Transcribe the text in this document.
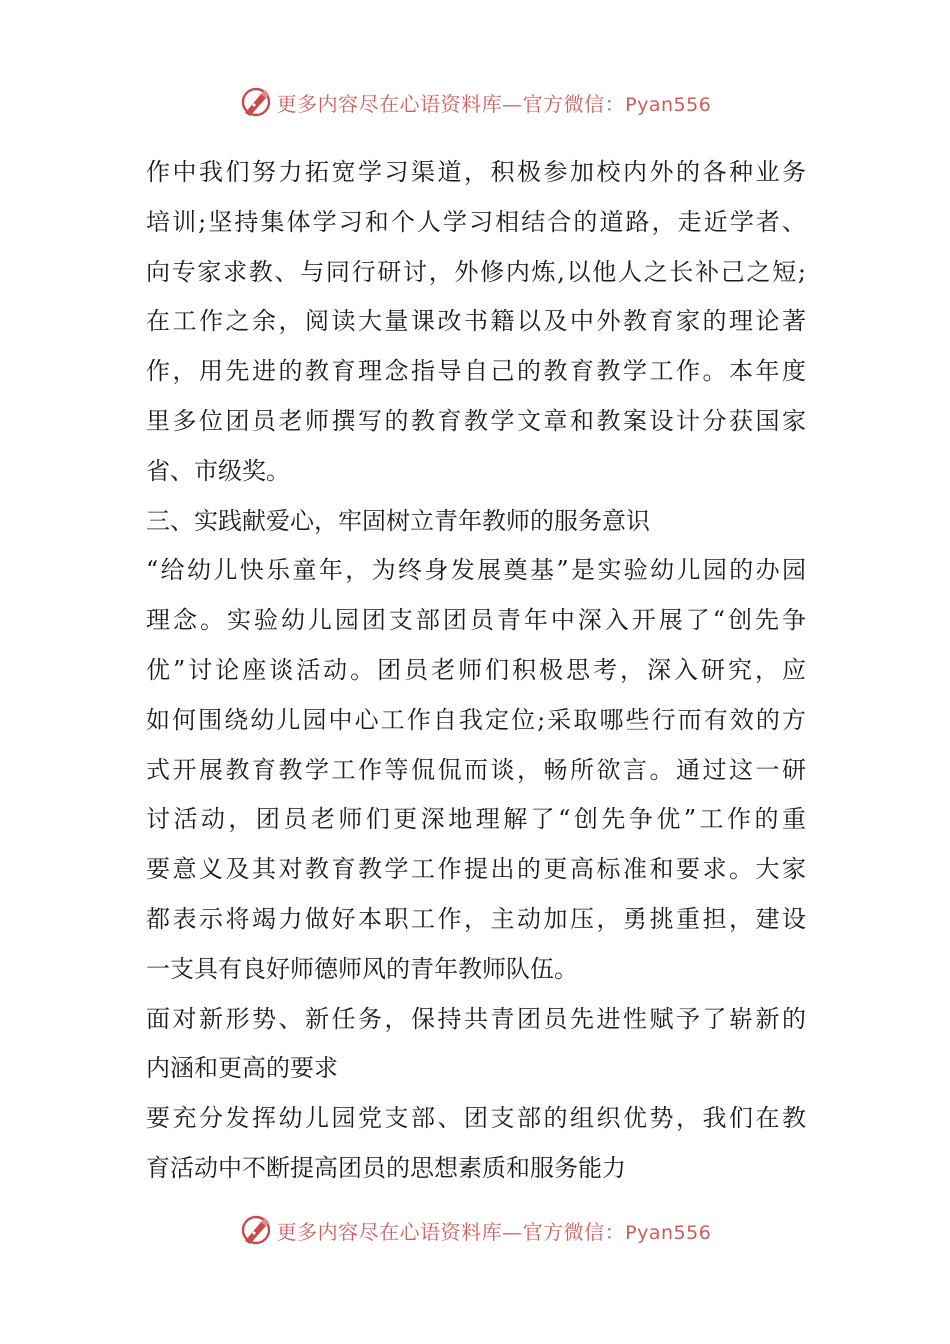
更多内容尽在心语资料库—官方微信：Pyan556
作中我们努力拓宽学习渠道，积极参加校内外的各种业务
培训;坚持集体学习和个人学习相结合的道路，走近学者、
向专家求教、与同行研讨，外修内炼,以他人之长补己之短;
在工作之余，阅读大量课改书籍以及中外教育家的理论著
作，用先进的教育理念指导自己的教育教学工作。本年度
里多位团员老师撰写的教育教学文章和教案设计分获国家
省、市级奖。
三、实践献爱心，牢固树立青年教师的服务意识
“给幼儿快乐童年，为终身发展奠基”是实验幼儿园的办园
理念。实验幼儿园团支部团员青年中深入开展了“创先争
优”讨论座谈活动。团员老师们积极思考，深入研究，应
如何围绕幼儿园中心工作自我定位;采取哪些行而有效的方
式开展教育教学工作等侃侃而谈，畅所欲言。通过这一研
讨活动，团员老师们更深地理解了“创先争优”工作的重
要意义及其对教育教学工作提出的更高标准和要求。大家
都表示将竭力做好本职工作，主动加压，勇挑重担，建设
一支具有良好师德师风的青年教师队伍。
面对新形势、新任务，保持共青团员先进性赋予了崭新的
内涵和更高的要求
要充分发挥幼儿园党支部、团支部的组织优势，我们在教
育活动中不断提高团员的思想素质和服务能力
更多内容尽在心语资料库—官方微信：Pyan556
